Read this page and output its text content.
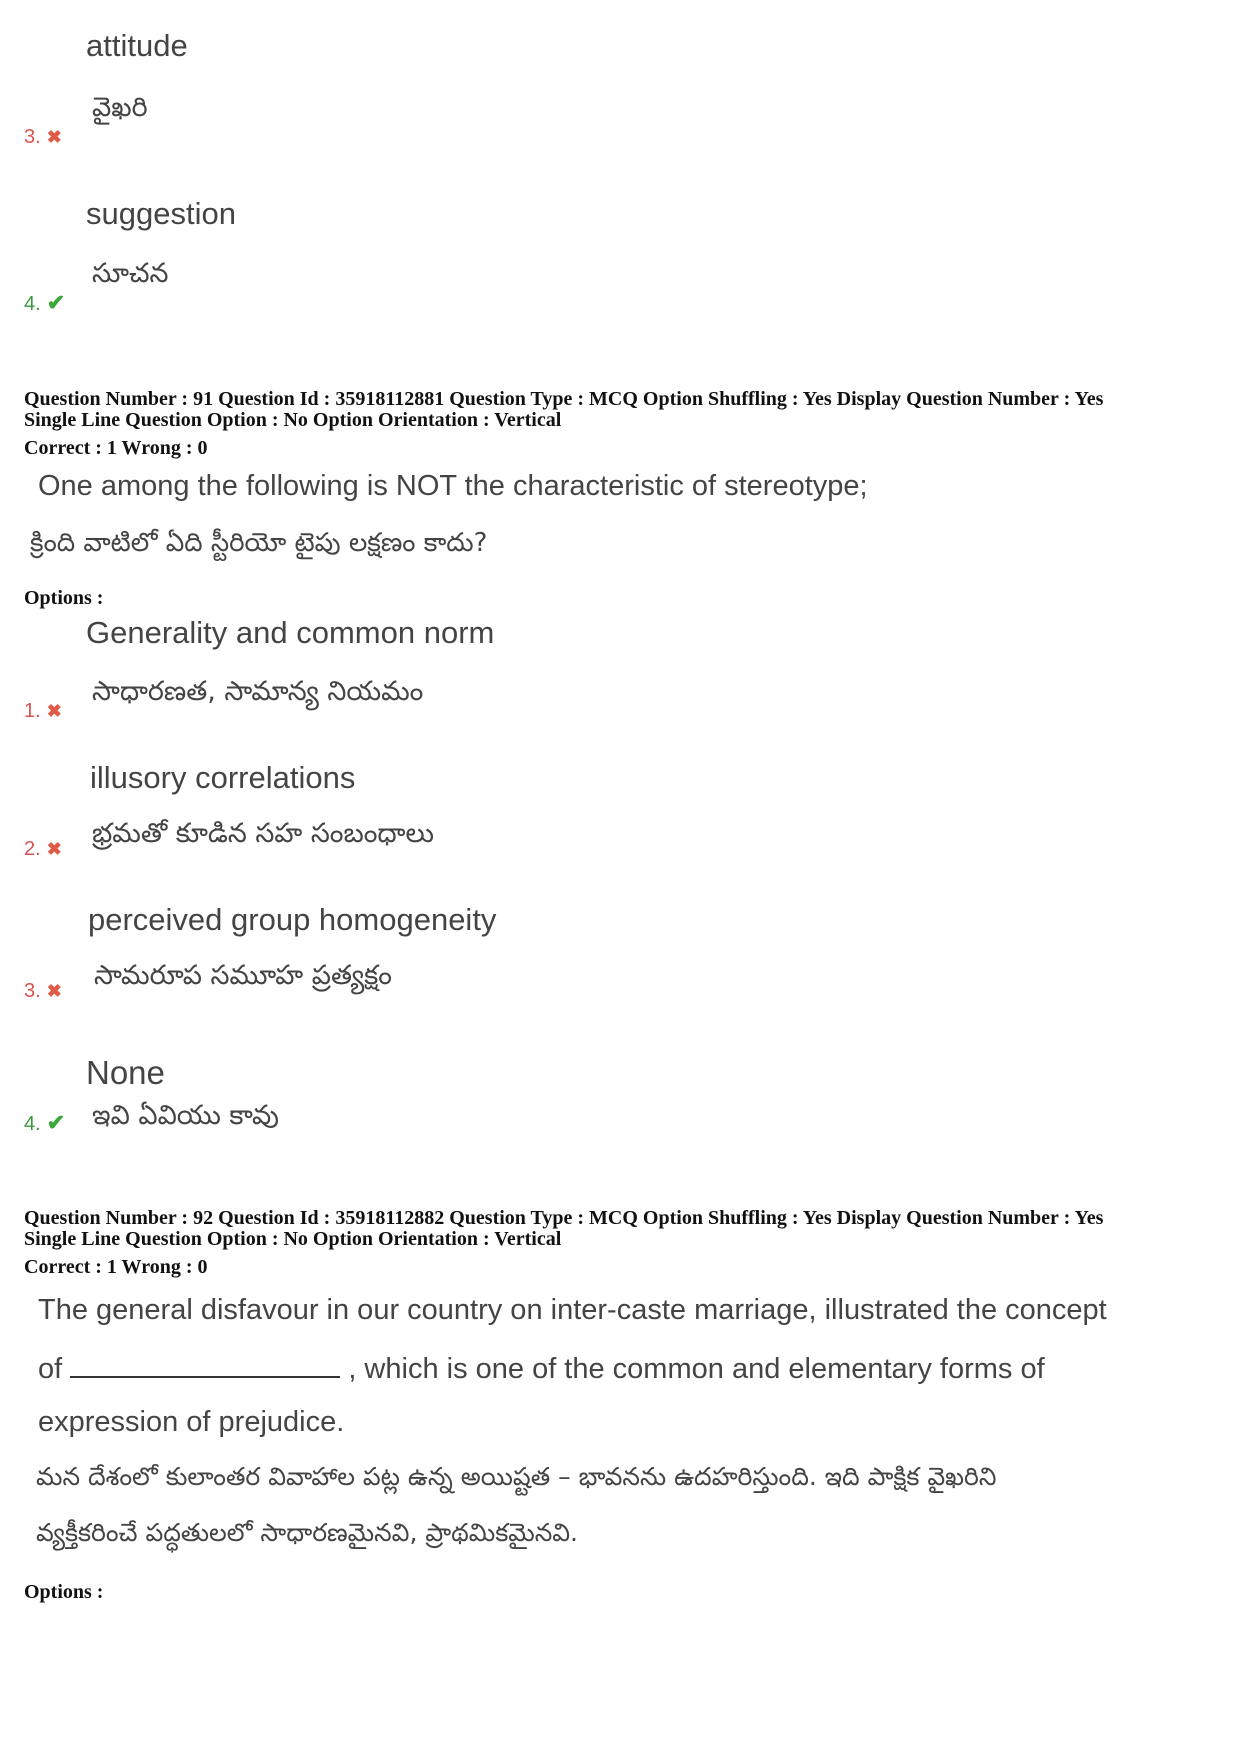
attitude
వైఖరి
3. ✖
suggestion
సూచన
4. ✔
Question Number : 91 Question Id : 35918112881 Question Type : MCQ Option Shuffling : Yes Display Question Number : Yes
Single Line Question Option : No Option Orientation : Vertical
Correct : 1 Wrong : 0
One among the following is NOT the characteristic of stereotype;
క్రింది వాటిలో ఏది స్టీరియో టైపు లక్షణం కాదు?
Options :
Generality and common norm
సాధారణత, సామాన్య నియమం
1. ✖
illusory correlations
భ్రమతో కూడిన సహ సంబంధాలు
2. ✖
perceived group homogeneity
సామరూప సమూహ ప్రత్యక్షం
3. ✖
None
ఇవి ఏవియు కావు
4. ✔
Question Number : 92 Question Id : 35918112882 Question Type : MCQ Option Shuffling : Yes Display Question Number : Yes
Single Line Question Option : No Option Orientation : Vertical
Correct : 1 Wrong : 0
The general disfavour in our country on inter-caste marriage, illustrated the concept
of	, which is one of the common and elementary forms of
expression of prejudice.
మన దేశంలో కులాంతర వివాహాల పట్ల ఉన్న అయిష్టత – భావనను ఉదహరిస్తుంది. ఇది పాక్షిక వైఖరిని
వ్యక్తీకరించే పద్ధతులలో సాధారణమైనవి, ప్రాథమికమైనవి.
Options :
